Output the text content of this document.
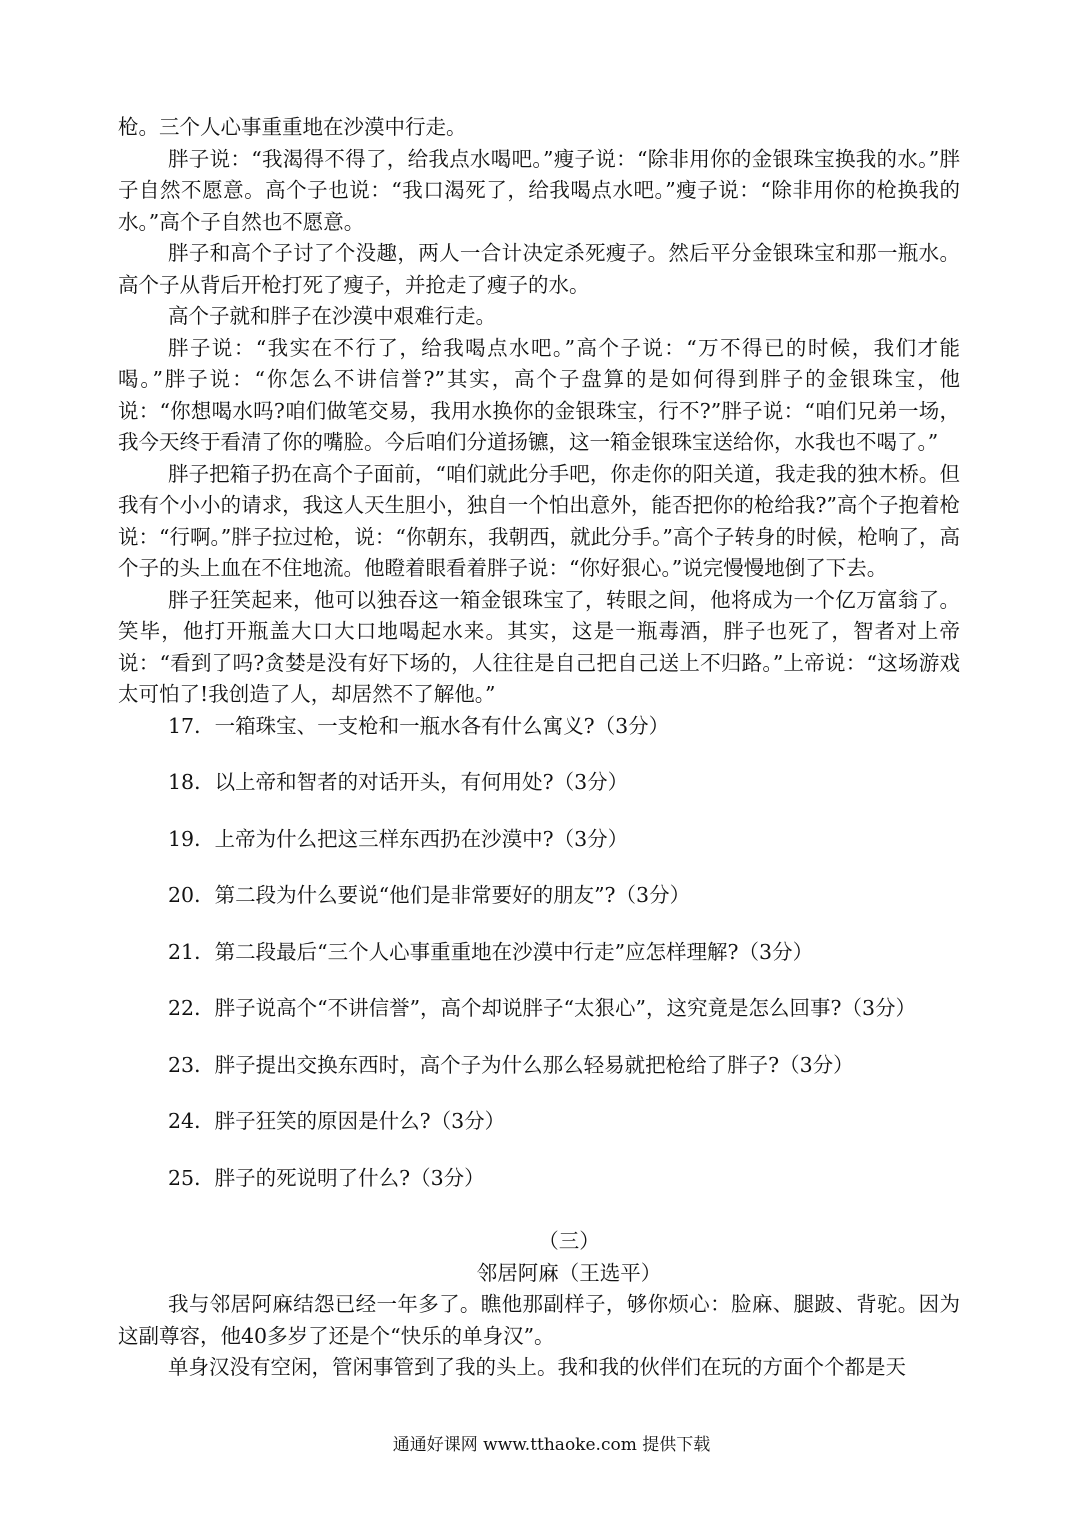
枪。三个人心事重重地在沙漠中行走。

胖子说：“我渴得不得了，给我点水喝吧。”瘦子说：“除非用你的金银珠宝换我的水。”胖子自然不愿意。高个子也说：“我口渴死了，给我喝点水吧。”瘦子说：“除非用你的枪换我的水。”高个子自然也不愿意。

胖子和高个子讨了个没趣，两人一合计决定杀死瘦子。然后平分金银珠宝和那一瓶水。高个子从背后开枪打死了瘦子，并抢走了瘦子的水。

高个子就和胖子在沙漠中艰难行走。

胖子说：“我实在不行了，给我喝点水吧。”高个子说：“万不得已的时候，我们才能喝。”胖子说：“你怎么不讲信誉?”其实，高个子盘算的是如何得到胖子的金银珠宝，他说：“你想喝水吗?咱们做笔交易，我用水换你的金银珠宝，行不?”胖子说：“咱们兄弟一场，我今天终于看清了你的嘴脸。今后咱们分道扬镳，这一箱金银珠宝送给你，水我也不喝了。”

胖子把箱子扔在高个子面前，“咱们就此分手吧，你走你的阳关道，我走我的独木桥。但我有个小小的请求，我这人天生胆小，独自一个怕出意外，能否把你的枪给我?”高个子抱着枪说：“行啊。”胖子拉过枪，说：“你朝东，我朝西，就此分手。”高个子转身的时候，枪响了，高个子的头上血在不住地流。他瞪着眼看着胖子说：“你好狠心。”说完慢慢地倒了下去。

胖子狂笑起来，他可以独吞这一箱金银珠宝了，转眼之间，他将成为一个亿万富翁了。笑毕，他打开瓶盖大口大口地喝起水来。其实，这是一瓶毒酒，胖子也死了，智者对上帝说：“看到了吗?贪婪是没有好下场的，人往往是自己把自己送上不归路。”上帝说：“这场游戏太可怕了!我创造了人，却居然不了解他。”

17．一箱珠宝、一支枪和一瓶水各有什么寓义?（3分）

18．以上帝和智者的对话开头，有何用处?（3分）

19．上帝为什么把这三样东西扔在沙漠中?（3分）

20．第二段为什么要说“他们是非常要好的朋友”?（3分）

21．第二段最后“三个人心事重重地在沙漠中行走”应怎样理解?（3分）

22．胖子说高个“不讲信誉”，高个却说胖子“太狠心”，这究竟是怎么回事?（3分）

23．胖子提出交换东西时，高个子为什么那么轻易就把枪给了胖子?（3分）

24．胖子狂笑的原因是什么?（3分）

25．胖子的死说明了什么?（3分）

（三）

邻居阿麻（王选平）

我与邻居阿麻结怨已经一年多了。瞧他那副样子，够你烦心：脸麻、腿跛、背驼。因为这副尊容，他40多岁了还是个“快乐的单身汉”。

单身汉没有空闲，管闲事管到了我的头上。我和我的伙伴们在玩的方面个个都是天

通通好课网 www.tthaoke.com 提供下载
